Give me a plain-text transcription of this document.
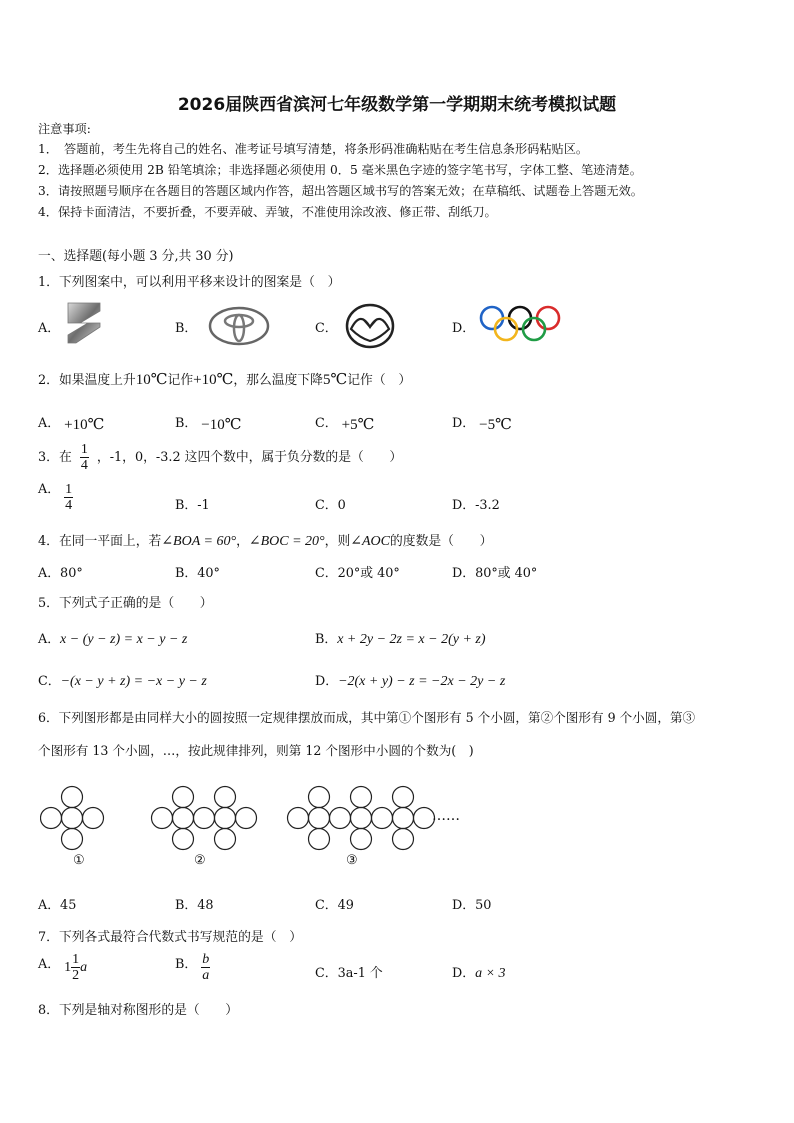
2026届陕西省滨河七年级数学第一学期期末统考模拟试题
注意事项:
1．　答题前，考生先将自己的姓名、准考证号填写清楚，将条形码准确粘贴在考生信息条形码粘贴区。
2．选择题必须使用 2B 铅笔填涂；非选择题必须使用 0．5 毫米黑色字迹的签字笔书写，字体工整、笔迹清楚。
3．请按照题号顺序在各题目的答题区域内作答，超出答题区域书写的答案无效；在草稿纸、试题卷上答题无效。
4．保持卡面清洁，不要折叠，不要弄破、弄皱，不准使用涂改液、修正带、刮纸刀。
一、选择题(每小题 3 分,共 30 分)
1．下列图案中，可以利用平移来设计的图案是（　）
A．	B．	C．	D．
2．如果温度上升10℃记作+10℃，那么温度下降5℃记作（　）
A． +10℃	B． −10℃	C． +5℃	D． −5℃
3．在 $\frac{1}{4}$ ，-1，0，-3.2 这四个数中，属于负分数的是（　　）
A． $\frac{1}{4}$	B．-1	C．0	D．-3.2
4．在同一平面上，若∠BOA = 60°，∠BOC = 20°，则∠AOC的度数是（　　）
A．80°	B．40°	C．20°或 40°	D．80°或 40°
5．下列式子正确的是（　　）
A．x − (y − z) = x − y − z	B．x + 2y − 2z = x − 2(y + z)
C．−(x − y + z) = −x − y − z	D．−2(x + y) − z = −2x − 2y − z
6．下列图形都是由同样大小的圆按照一定规律摆放而成，其中第①个图形有 5 个小圆，第②个图形有 9 个小圆，第③
个图形有 13 个小圆，…，按此规律排列，则第 12 个图形中小圆的个数为(　)
①	②	③
……
A．45	B．48	C．49	D．50
7．下列各式最符合代数式书写规范的是（　）
A． $1 \frac{1}{2}$ a	B． $\frac{b}{a}$	C．3a-1 个	D．a × 3
8．下列是轴对称图形的是（　　）
